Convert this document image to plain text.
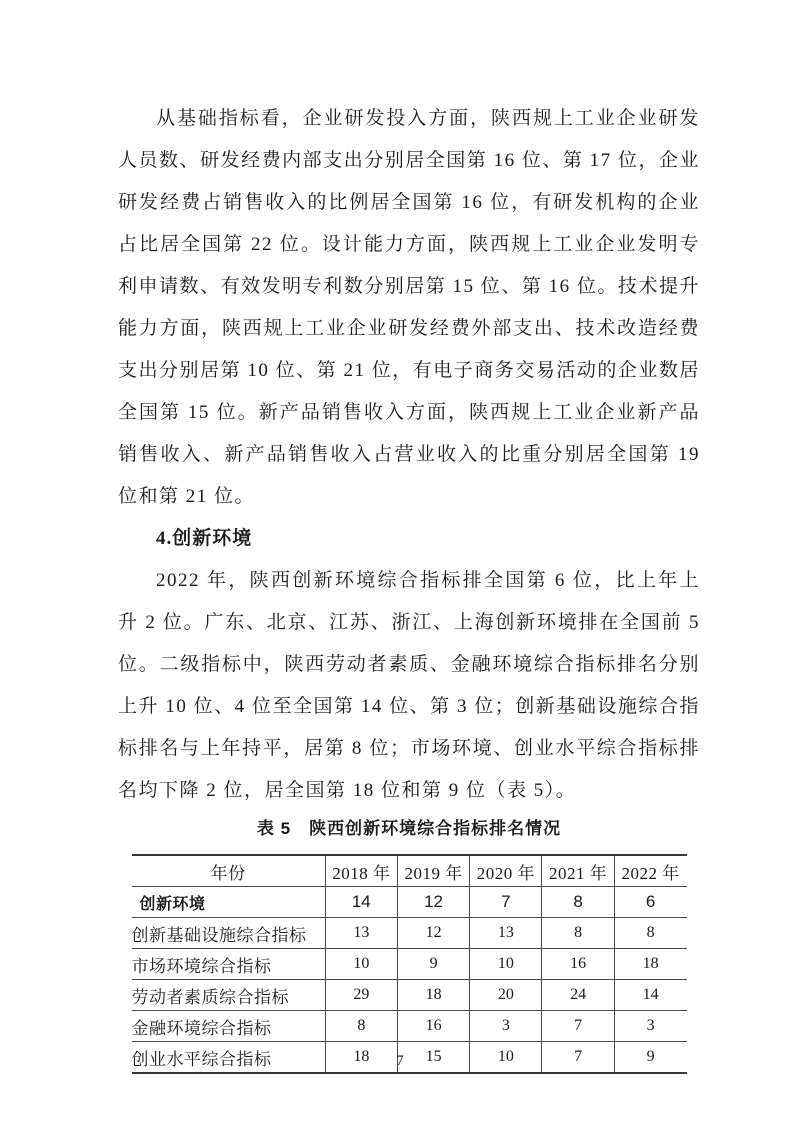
从基础指标看，企业研发投入方面，陕西规上工业企业研发人员数、研发经费内部支出分别居全国第 16 位、第 17 位，企业研发经费占销售收入的比例居全国第 16 位，有研发机构的企业占比居全国第 22 位。设计能力方面，陕西规上工业企业发明专利申请数、有效发明专利数分别居第 15 位、第 16 位。技术提升能力方面，陕西规上工业企业研发经费外部支出、技术改造经费支出分别居第 10 位、第 21 位，有电子商务交易活动的企业数居全国第 15 位。新产品销售收入方面，陕西规上工业企业新产品销售收入、新产品销售收入占营业收入的比重分别居全国第 19 位和第 21 位。

4.创新环境

2022 年，陕西创新环境综合指标排全国第 6 位，比上年上升 2 位。广东、北京、江苏、浙江、上海创新环境排在全国前 5 位。二级指标中，陕西劳动者素质、金融环境综合指标排名分别上升 10 位、4 位至全国第 14 位、第 3 位；创新基础设施综合指标排名与上年持平，居第 8 位；市场环境、创业水平综合指标排名均下降 2 位，居全国第 18 位和第 9 位（表 5）。

表 5　陕西创新环境综合指标排名情况

年份	2018 年	2019 年	2020 年	2021 年	2022 年
创新环境	14	12	7	8	6
创新基础设施综合指标	13	12	13	8	8
市场环境综合指标	10	9	10	16	18
劳动者素质综合指标	29	18	20	24	14
金融环境综合指标	8	16	3	7	3
创业水平综合指标	18	15	10	7	9
7
